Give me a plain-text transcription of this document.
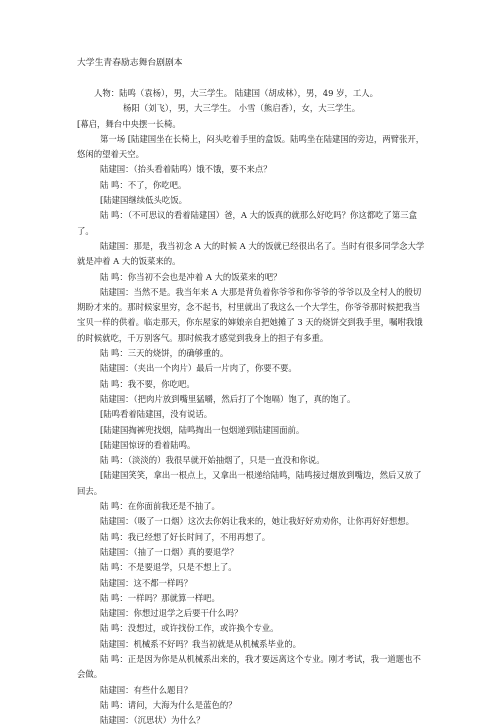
大学生青春励志舞台剧剧本

人物：陆鸣（袁杨），男，大三学生。 陆建国（胡成林），男，49 岁，工人。

杨阳（刘飞），男，大三学生。 小雪（熊启香），女，大三学生。

[幕启，舞台中央摆一长椅。

第一场 [陆建国坐在长椅上，闷头吃着手里的盒饭。陆鸣坐在陆建国的旁边，两臂张开，悠闲的望着天空。

陆建国：（抬头看着陆鸣）饿不饿，要不来点？

陆 鸣：不了，你吃吧。

[陆建国继续低头吃饭。

陆 鸣：（不可思议的看着陆建国）爸，A 大的饭真的就那么好吃吗？你这都吃了第三盒了。

陆建国：那是，我当初念 A 大的时候 A 大的饭就已经很出名了。当时有很多同学念大学就是冲着 A 大的饭菜来的。

陆 鸣：你当初不会也是冲着 A 大的饭菜来的吧？

陆建国：当然不是。我当年来 A 大那是背负着你爷爷和你爷爷的爷爷以及全村人的殷切期盼才来的。那时候家里穷，念不起书，村里就出了我这么一个大学生，你爷爷那时候把我当宝贝一样的供着。临走那天，你东屋家的婶娘亲自把她摊了 3 天的烧饼交到我手里，嘱咐我饿的时候就吃，千万别客气。那时候我才感觉到我身上的担子有多重。

陆 鸣：三天的烧饼，的确够重的。

陆建国：（夹出一个肉片）最后一片肉了，你要不要。

陆 鸣：我不要，你吃吧。

陆建国：（把肉片放到嘴里猛嚼，然后打了个饱嗝）饱了，真的饱了。

[陆鸣看着陆建国，没有说话。

[陆建国掏裤兜找烟，陆鸣掏出一包烟递到陆建国面前。

[陆建国惊讶的看着陆鸣。

陆 鸣：（淡淡的）我很早就开始抽烟了，只是一直没和你说。

[陆建国笑笑，拿出一根点上，又拿出一根递给陆鸣，陆鸣接过烟放到嘴边，然后又放了回去。

陆 鸣：在你面前我还是不抽了。

陆建国：（吸了一口烟）这次去你妈让我来的，她让我好好劝劝你，让你再好好想想。

陆 鸣：我已经想了好长时间了，不用再想了。

陆建国：（抽了一口烟）真的要退学？

陆 鸣：不是要退学，只是不想上了。

陆建国：这不都一样吗？

陆 鸣：一样吗？那就算一样吧。

陆建国：你想过退学之后要干什么吗？

陆 鸣：没想过，或许找份工作，或许换个专业。

陆建国：机械系不好吗？我当初就是从机械系毕业的。

陆 鸣：正是因为你是从机械系出来的，我才要远离这个专业。刚才考试，我一道题也不会做。

陆建国：有些什么题目？

陆 鸣：请问，大海为什么是蓝色的？

陆建国：（沉思状）为什么？
